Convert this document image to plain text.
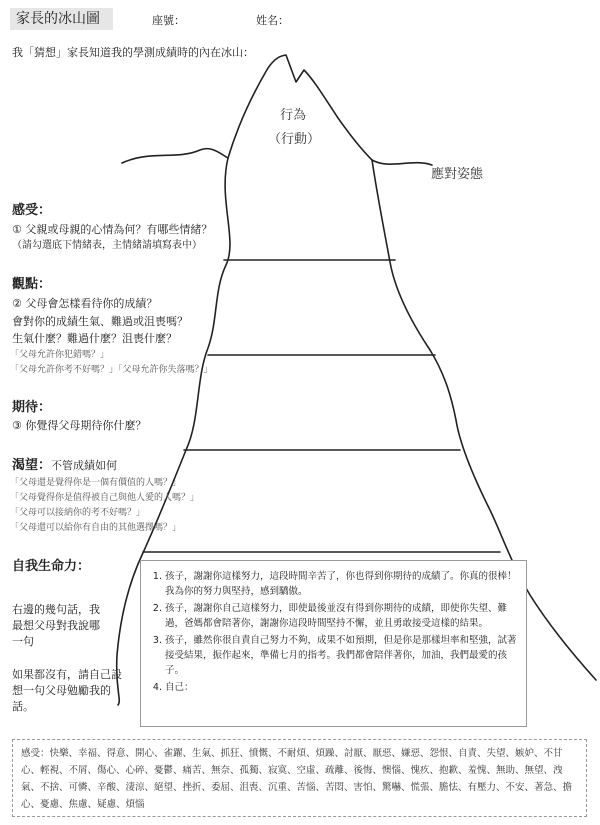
家長的冰山圖	座號：	姓名：
我「猜想」家長知道我的學測成績時的內在冰山：
行為
（行動）
應對姿態
感受：
① 父親或母親的心情為何？有哪些情緒？
（請勾選底下情緒表，主情緒請填寫表中）
觀點：
② 父母會怎樣看待你的成績？
會對你的成績生氣、難過或沮喪嗎？
生氣什麼？難過什麼？沮喪什麼？
「父母允許你犯錯嗎？」
「父母允許你考不好嗎？」「父母允許你失落嗎？」
期待：
③ 你覺得父母期待你什麼？
渴望：不管成績如何
「父母還是覺得你是一個有價值的人嗎？」
「父母覺得你是值得被自己與他人愛的人嗎？」
「父母可以接納你的考不好嗎？」
「父母還可以給你有自由的其他選擇嗎？」
自我生命力：
右邊的幾句話，我最想父母對我說哪一句
如果都沒有，請自己設想一句父母勉勵我的話。
1. 孩子，謝謝你這樣努力，這段時間辛苦了，你也得到你期待的成績了。你真的很棒！我為你的努力與堅持，感到驕傲。
2. 孩子，謝謝你自己這樣努力，即使最後並沒有得到你期待的成績，即使你失望、難過，爸媽都會陪著你，謝謝你這段時間堅持不懈，並且勇敢接受這樣的結果。
3. 孩子，雖然你很自責自己努力不夠，成果不如預期，但是你是那樣坦率和堅強，試著接受結果，振作起來，準備七月的指考。我們都會陪伴著你，加油，我們最愛的孩子。
4. 自己：
感受：快樂、幸福、得意、開心、雀躍、生氣、抓狂、憤慨、不耐煩、煩躁、討厭、厭惡、嫌惡、怨恨、自責、失望、嫉妒、不甘心、輕視、不屑、傷心、心碎、憂鬱、痛苦、無奈、孤獨、寂寞、空虛、疏離、後悔、懊惱、愧疚、抱歉、羞愧、無助、無望、洩氣、不捨、可憐、辛酸、淒涼、絕望、挫折、委屈、沮喪、沉重、苦惱、苦悶、害怕、驚嚇、慌張、膽怯、有壓力、不安、著急、擔心、憂慮、焦慮、疑慮、煩惱
